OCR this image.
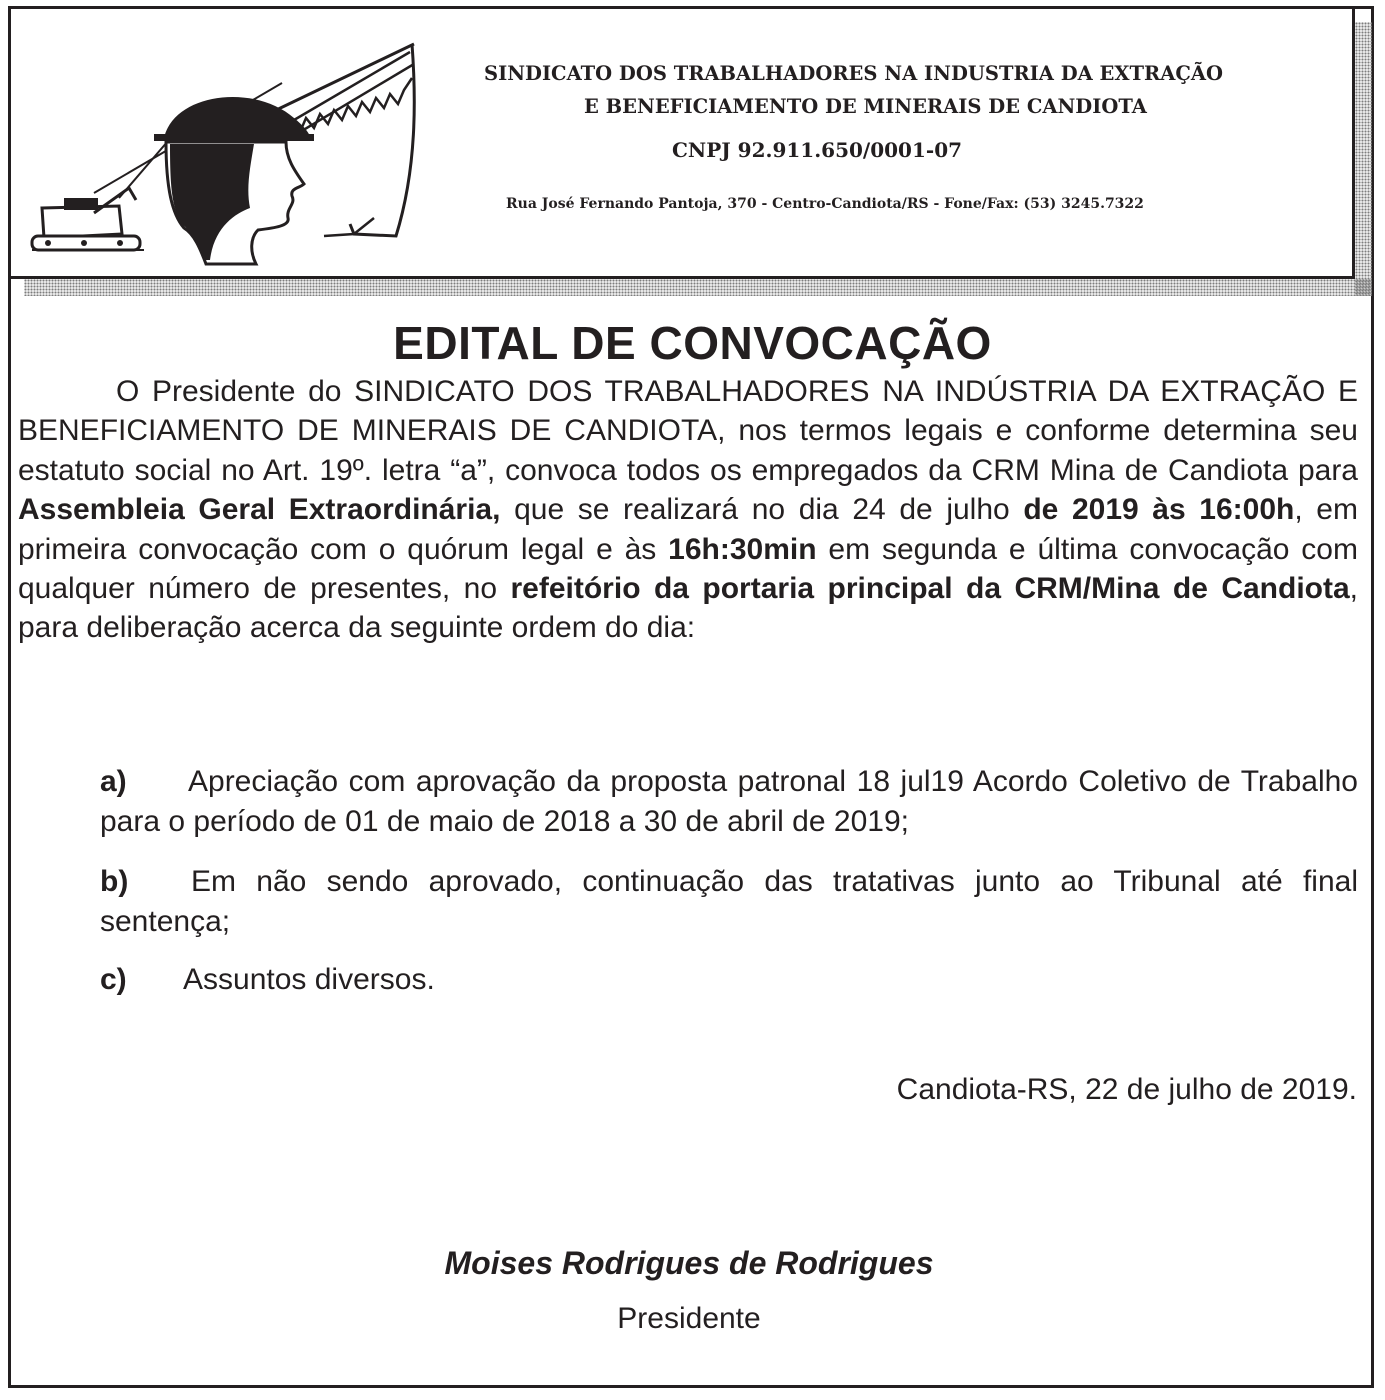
SINDICATO DOS TRABALHADORES NA INDUSTRIA DA EXTRAÇÃO
E BENEFICIAMENTO DE MINERAIS DE CANDIOTA
CNPJ 92.911.650/0001-07
Rua José Fernando Pantoja, 370 - Centro-Candiota/RS - Fone/Fax: (53) 3245.7322
EDITAL DE CONVOCAÇÃO
O Presidente do SINDICATO DOS TRABALHADORES NA INDÚSTRIA DA EXTRAÇÃO E BENEFICIAMENTO DE MINERAIS DE CANDIOTA, nos termos legais e conforme determina seu estatuto social no Art. 19º. letra “a”, convoca todos os empregados da CRM Mina de Candiota para Assembleia Geral Extraordinária, que se realizará no dia 24 de julho de 2019 às 16:00h, em primeira convocação com o quórum legal e às 16h:30min em segunda e última convocação com qualquer número de presentes, no refeitório da portaria principal da CRM/Mina de Candiota, para deliberação acerca da seguinte ordem do dia:
a) Apreciação com aprovação da proposta patronal 18 jul19 Acordo Coletivo de Trabalho para o período de 01 de maio de 2018 a 30 de abril de 2019;
b) Em não sendo aprovado, continuação das tratativas junto ao Tribunal até final sentença;
c) Assuntos diversos.
Candiota-RS, 22 de julho de 2019.
Moises Rodrigues de Rodrigues
Presidente
